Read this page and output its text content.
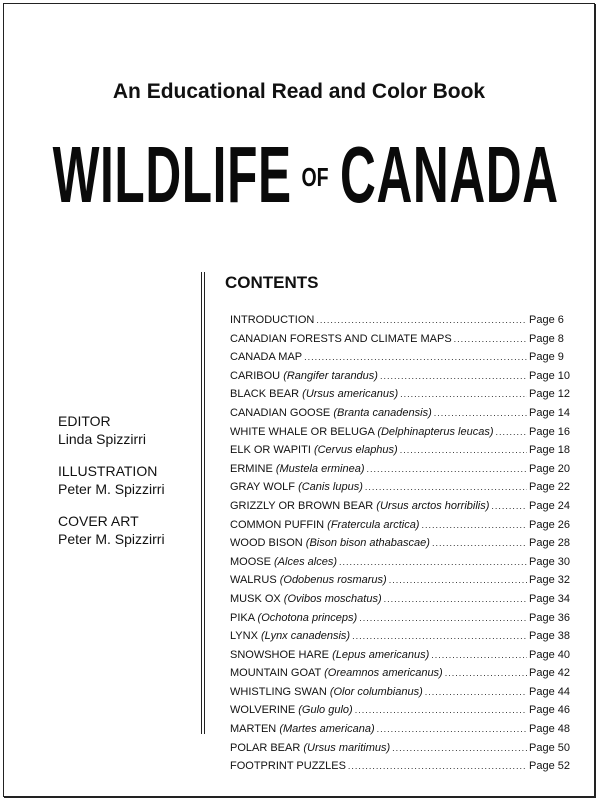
An Educational Read and Color Book
WILDLIFE OF CANADA
EDITOR
Linda Spizzirri
ILLUSTRATION
Peter M. Spizzirri
COVER ART
Peter M. Spizzirri
CONTENTS
INTRODUCTION .....	Page 6
CANADIAN FORESTS AND CLIMATE MAPS .....	Page 8
CANADA MAP .....	Page 9
CARIBOU (Rangifer tarandus) .....	Page 10
BLACK BEAR (Ursus americanus) .....	Page 12
CANADIAN GOOSE (Branta canadensis) .....	Page 14
WHITE WHALE OR BELUGA (Delphinapterus leucas) .....	Page 16
ELK OR WAPITI (Cervus elaphus) .....	Page 18
ERMINE (Mustela erminea) .....	Page 20
GRAY WOLF (Canis lupus) .....	Page 22
GRIZZLY OR BROWN BEAR (Ursus arctos horribilis) .....	Page 24
COMMON PUFFIN (Fratercula arctica) .....	Page 26
WOOD BISON (Bison bison athabascae) .....	Page 28
MOOSE (Alces alces) .....	Page 30
WALRUS (Odobenus rosmarus) .....	Page 32
MUSK OX (Ovibos moschatus) .....	Page 34
PIKA (Ochotona princeps) .....	Page 36
LYNX (Lynx canadensis) .....	Page 38
SNOWSHOE HARE (Lepus americanus) .....	Page 40
MOUNTAIN GOAT (Oreamnos americanus) .....	Page 42
WHISTLING SWAN (Olor columbianus) .....	Page 44
WOLVERINE (Gulo gulo) .....	Page 46
MARTEN (Martes americana) .....	Page 48
POLAR BEAR (Ursus maritimus) .....	Page 50
FOOTPRINT PUZZLES .....	Page 52
